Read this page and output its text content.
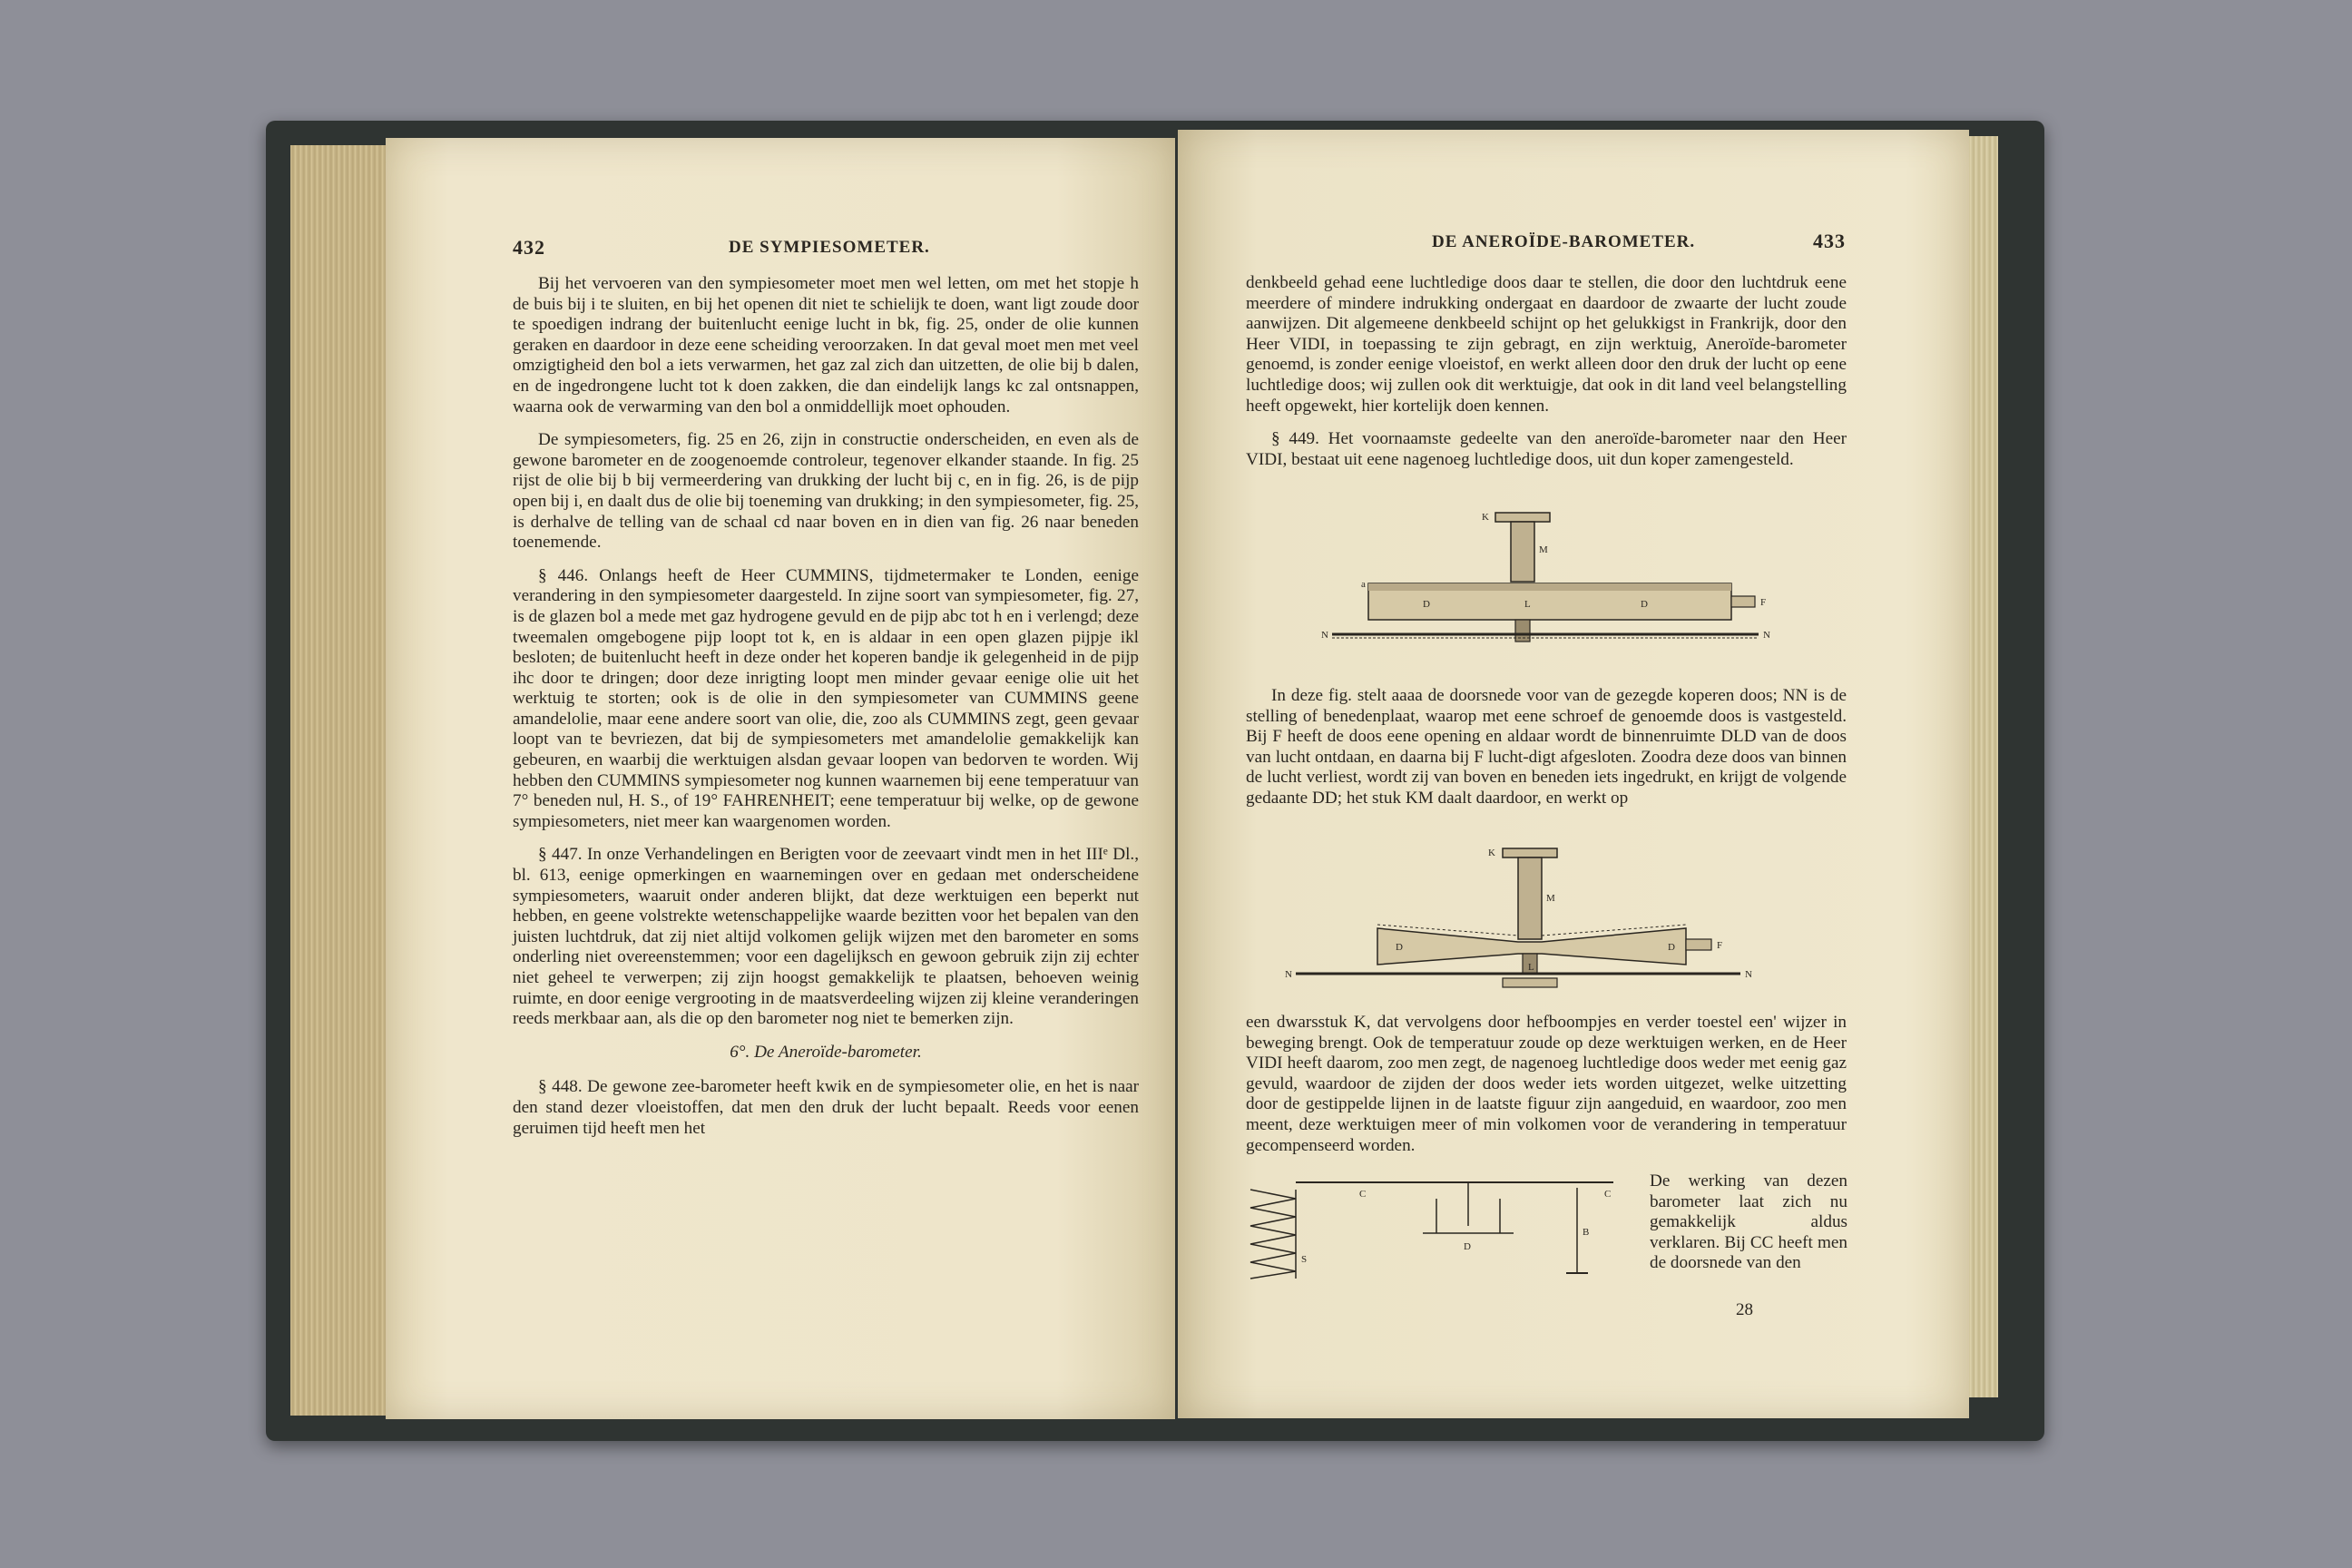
432	DE SYMPIESOMETER.

Bij het vervoeren van den sympiesometer moet men wel letten, om met het stopje h de buis bij i te sluiten, en bij het openen dit niet te schielijk te doen, want ligt zoude door te spoedigen indrang der buitenlucht eenige lucht in bk, fig. 25, onder de olie kunnen geraken en daardoor in deze eene scheiding veroorzaken. In dat geval moet men met veel omzigtigheid den bol a iets verwarmen, het gaz zal zich dan uitzetten, de olie bij b dalen, en de ingedrongene lucht tot k doen zakken, die dan eindelijk langs kc zal ontsnappen, waarna ook de verwarming van den bol a onmiddellijk moet ophouden.

De sympiesometers, fig. 25 en 26, zijn in constructie onderscheiden, en even als de gewone barometer en de zoogenoemde controleur, tegenover elkander staande. In fig. 25 rijst de olie bij b bij vermeerdering van drukking der lucht bij c, en in fig. 26, is de pijp open bij i, en daalt dus de olie bij toeneming van drukking; in den sympiesometer, fig. 25, is derhalve de telling van de schaal cd naar boven en in dien van fig. 26 naar beneden toenemende.

§ 446. Onlangs heeft de Heer CUMMINS, tijdmetermaker te Londen, eenige verandering in den sympiesometer daargesteld. In zijne soort van sympiesometer, fig. 27, is de glazen bol a mede met gaz hydrogene gevuld en de pijp abc tot h en i verlengd; deze tweemalen omgebogene pijp loopt tot k, en is aldaar in een open glazen pijpje ikl besloten; de buitenlucht heeft in deze onder het koperen bandje ik gelegenheid in de pijp ihc door te dringen; door deze inrigting loopt men minder gevaar eenige olie uit het werktuig te storten; ook is de olie in den sympiesometer van CUMMINS geene amandelolie, maar eene andere soort van olie, die, zoo als CUMMINS zegt, geen gevaar loopt van te bevriezen, dat bij de sympiesometers met amandelolie gemakkelijk kan gebeuren, en waarbij die werktuigen alsdan gevaar loopen van bedorven te worden. Wij hebben den CUMMINS sympiesometer nog kunnen waarnemen bij eene temperatuur van 7° beneden nul, H. S., of 19° FAHRENHEIT; eene temperatuur bij welke, op de gewone sympiesometers, niet meer kan waargenomen worden.

§ 447. In onze Verhandelingen en Berigten voor de zeevaart vindt men in het IIIᵉ Dl., bl. 613, eenige opmerkingen en waarnemingen over en gedaan met onderscheidene sympiesometers, waaruit onder anderen blijkt, dat deze werktuigen een beperkt nut hebben, en geene volstrekte wetenschappelijke waarde bezitten voor het bepalen van den juisten luchtdruk, dat zij niet altijd volkomen gelijk wijzen met den barometer en soms onderling niet overeenstemmen; voor een dagelijksch en gewoon gebruik zijn zij echter niet geheel te verwerpen; zij zijn hoogst gemakkelijk te plaatsen, behoeven weinig ruimte, en door eenige vergrooting in de maatsverdeeling wijzen zij kleine veranderingen reeds merkbaar aan, als die op den barometer nog niet te bemerken zijn.

6°. De Aneroïde-barometer.

§ 448. De gewone zee-barometer heeft kwik en de sympiesometer olie, en het is naar den stand dezer vloeistoffen, dat men den druk der lucht bepaalt. Reeds voor eenen geruimen tijd heeft men het

DE ANEROÏDE-BAROMETER.	433

denkbeeld gehad eene luchtledige doos daar te stellen, die door den luchtdruk eene meerdere of mindere indrukking ondergaat en daardoor de zwaarte der lucht zoude aanwijzen. Dit algemeene denkbeeld schijnt op het gelukkigst in Frankrijk, door den Heer VIDI, in toepassing te zijn gebragt, en zijn werktuig, Aneroïde-barometer genoemd, is zonder eenige vloeistof, en werkt alleen door den druk der lucht op eene luchtledige doos; wij zullen ook dit werktuigje, dat ook in dit land veel belangstelling heeft opgewekt, hier kortelijk doen kennen.

§ 449. Het voornaamste gedeelte van den aneroïde-barometer naar den Heer VIDI, bestaat uit eene nagenoeg luchtledige doos, uit dun koper zamengesteld.

K
M
a
D	L	D	F
N	N

In deze fig. stelt aaaa de doorsnede voor van de gezegde koperen doos; NN is de stelling of benedenplaat, waarop met eene schroef de genoemde doos is vastgesteld. Bij F heeft de doos eene opening en aldaar wordt de binnenruimte DLD van de doos van lucht ontdaan, en daarna bij F lucht-digt afgesloten. Zoodra deze doos van binnen de lucht verliest, wordt zij van boven en beneden iets ingedrukt, en krijgt de volgende gedaante DD; het stuk KM daalt daardoor, en werkt op

K
M
D	D
L
F
N	N

een dwarsstuk K, dat vervolgens door hefboompjes en verder toestel een' wijzer in beweging brengt. Ook de temperatuur zoude op deze werktuigen werken, en de Heer VIDI heeft daarom, zoo men zegt, de nagenoeg luchtledige doos weder met eenig gaz gevuld, waardoor de zijden der doos weder iets worden uitgezet, welke uitzetting door de gestippelde lijnen in de laatste figuur zijn aangeduid, en waardoor, zoo men meent, deze werktuigen meer of min volkomen voor de verandering in temperatuur gecompenseerd worden.

C	C
D
B
S

De werking van dezen barometer laat zich nu gemakkelijk aldus verklaren. Bij CC heeft men de doorsnede van den

28
